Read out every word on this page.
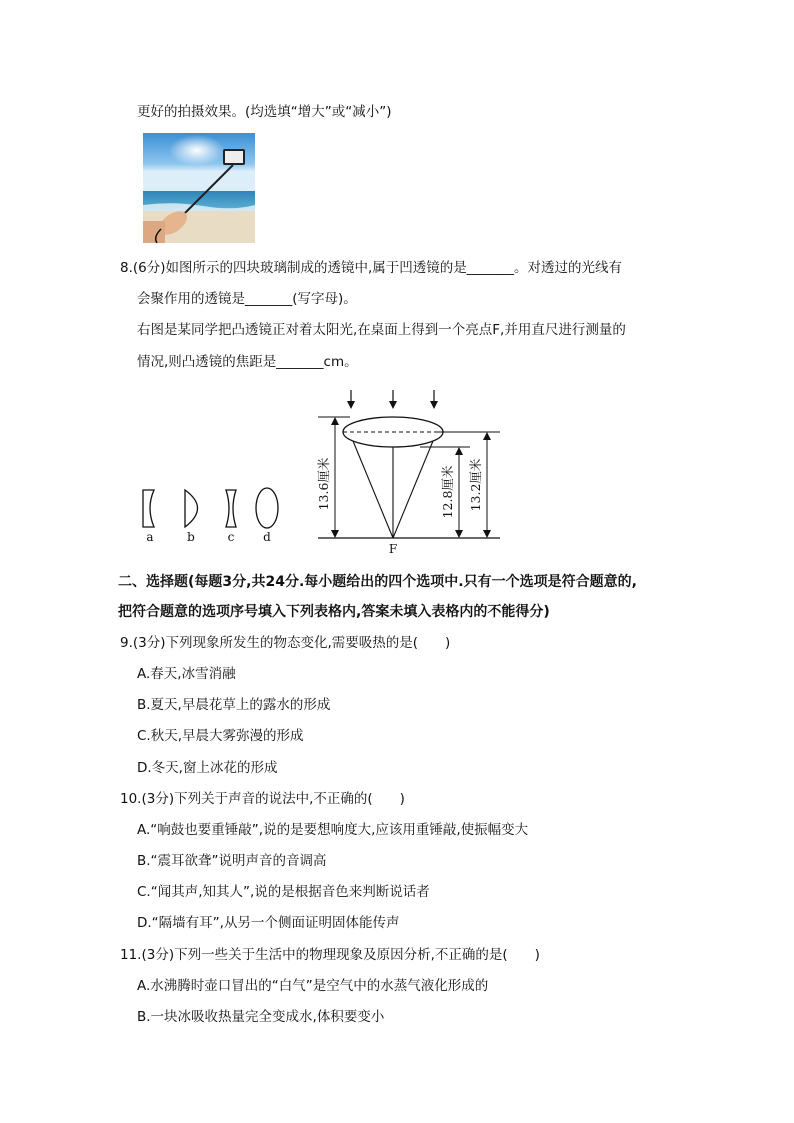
更好的拍摄效果。(均选填“增大”或“减小”)
8.(6分)如图所示的四块玻璃制成的透镜中,属于凹透镜的是_______。对透过的光线有
会聚作用的透镜是_______(写字母)。
右图是某同学把凸透镜正对着太阳光,在桌面上得到一个亮点F,并用直尺进行测量的
情况,则凸透镜的焦距是_______cm。
a	b	c d
13.6厘米	12.8厘米 13.2厘米
F
二、选择题(每题3分,共24分.每小题给出的四个选项中.只有一个选项是符合题意的,
把符合题意的选项序号填入下列表格内,答案未填入表格内的不能得分)
9.(3分)下列现象所发生的物态变化,需要吸热的是(　　)
A.春天,冰雪消融
B.夏天,早晨花草上的露水的形成
C.秋天,早晨大雾弥漫的形成
D.冬天,窗上冰花的形成
10.(3分)下列关于声音的说法中,不正确的(　　)
A.“响鼓也要重锤敲”,说的是要想响度大,应该用重锤敲,使振幅变大
B.“震耳欲聋”说明声音的音调高
C.“闻其声,知其人”,说的是根据音色来判断说话者
D.“隔墙有耳”,从另一个侧面证明固体能传声
11.(3分)下列一些关于生活中的物理现象及原因分析,不正确的是(　　)
A.水沸腾时壶口冒出的“白气”是空气中的水蒸气液化形成的
B.一块冰吸收热量完全变成水,体积要变小
